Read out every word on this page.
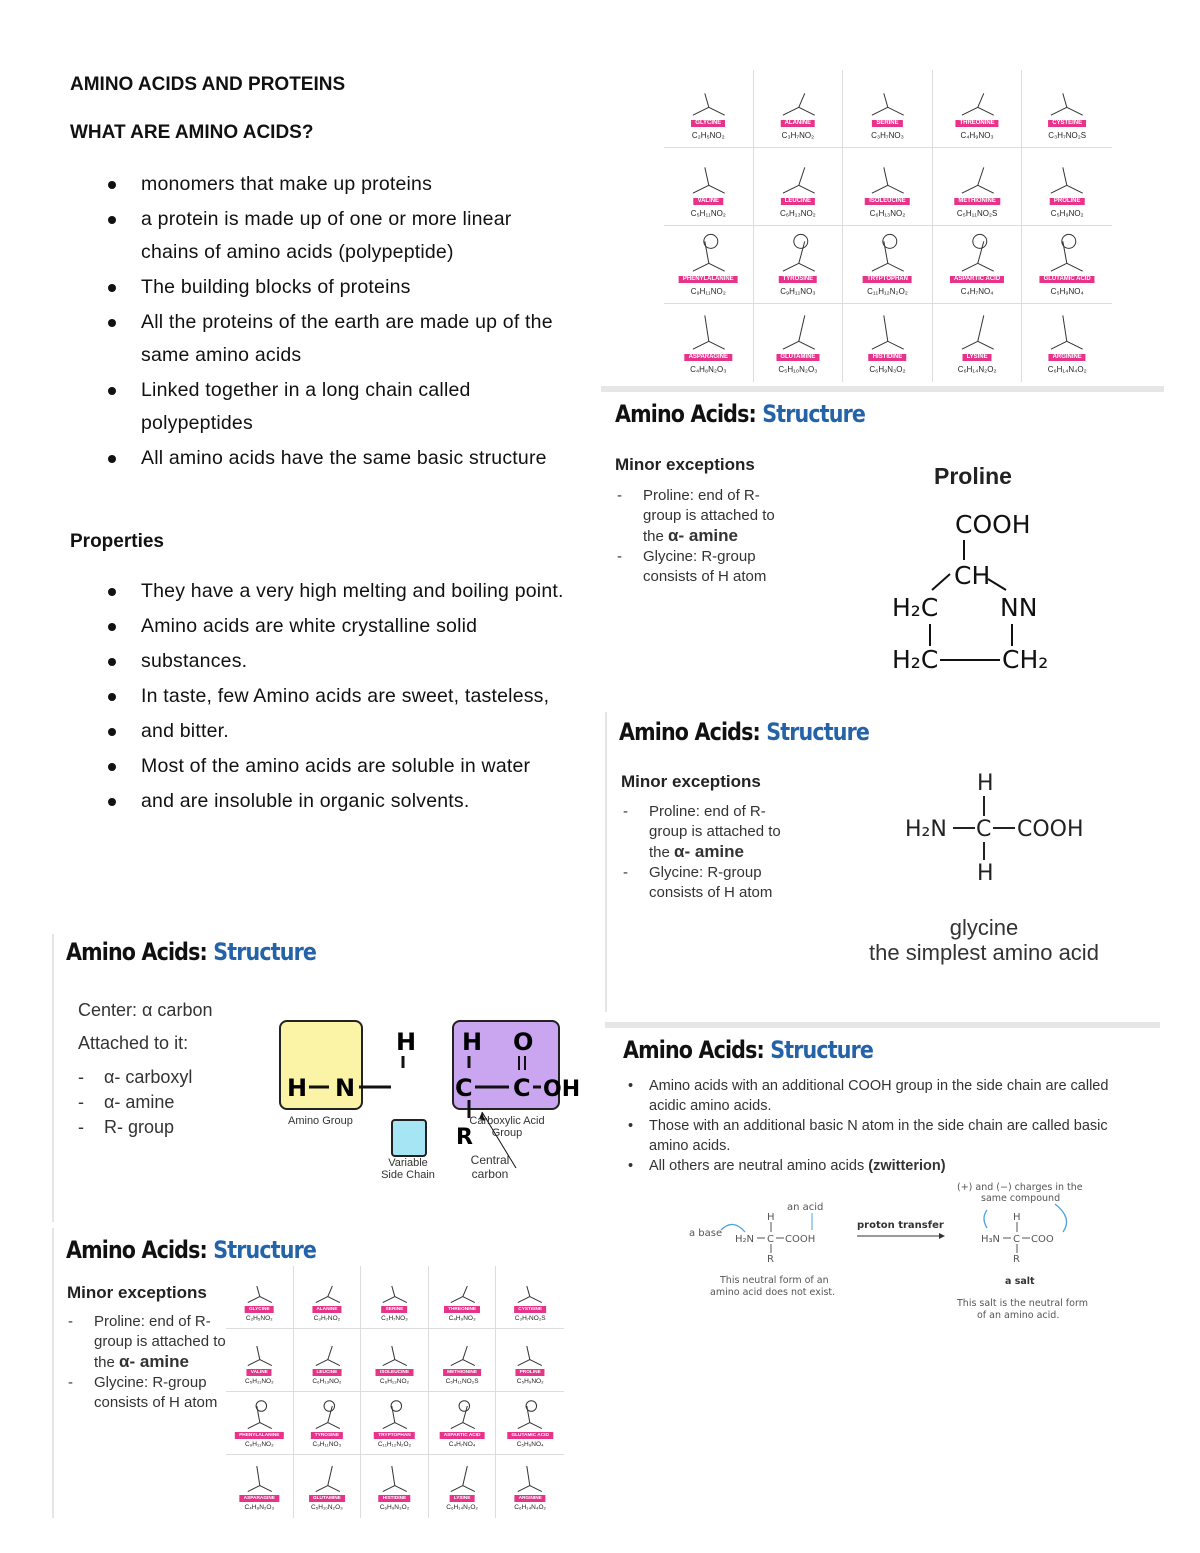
AMINO ACIDS AND PROTEINS
WHAT ARE AMINO ACIDS?
monomers that make up proteins
a protein is made up of one or more linear chains of amino acids (polypeptide)
The building blocks of proteins
All the proteins of the earth are made up of the same amino acids
Linked together in a long chain called polypeptides
All amino acids have the same basic structure
Properties
They have a very high melting and boiling point.
Amino acids are white crystalline solid
substances.
In taste, few Amino acids are sweet, tasteless,
and bitter.
Most of the amino acids are soluble in water
and are insoluble in organic solvents.
Amino Acids: Structure
Center: α carbon
Attached to it:
- α- carboxyl
- α- amine
- R- group
H
H N
H
C
O
C OH
R
Amino Group	Carboxylic Acid Group
Variable Side Chain
Central carbon
Amino Acids: Structure
Minor exceptions
- Proline: end of R- group is attached to the α- amine
- Glycine: R-group consists of H atom
GLYCINE
C₂H₅NO₂
ALANINE
C₃H₇NO₂
SERINE
C₃H₇NO₃
THREONINE
C₄H₉NO₃
CYSTEINE
C₃H₇NO₂S
VALINE
C₅H₁₁NO₂
LEUCINE
C₆H₁₃NO₂
ISOLEUCINE
C₆H₁₃NO₂
METHIONINE
C₅H₁₁NO₂S
PROLINE
C₅H₉NO₂
PHENYLALANINE
C₉H₁₁NO₂
TYROSINE
C₉H₁₁NO₃
TRYPTOPHAN
C₁₁H₁₂N₂O₂
ASPARTIC ACID
C₄H₇NO₄
GLUTAMIC ACID
C₅H₉NO₄
ASPARAGINE
C₄H₈N₂O₃
GLUTAMINE
C₅H₁₀N₂O₃
HISTIDINE
C₆H₉N₃O₂
LYSINE
C₆H₁₄N₂O₂
ARGININE
C₆H₁₄N₄O₂
GLYCINE
C₂H₅NO₂
ALANINE
C₃H₇NO₂
SERINE
C₃H₇NO₃
THREONINE
C₄H₉NO₃
CYSTEINE
C₃H₇NO₂S
VALINE
C₅H₁₁NO₂
LEUCINE
C₆H₁₃NO₂
ISOLEUCINE
C₆H₁₃NO₂
METHIONINE
C₅H₁₁NO₂S
PROLINE
C₅H₉NO₂
PHENYLALANINE
C₉H₁₁NO₂
TYROSINE
C₉H₁₁NO₃
TRYPTOPHAN
C₁₁H₁₂N₂O₂
ASPARTIC ACID
C₄H₇NO₄
GLUTAMIC ACID
C₅H₉NO₄
ASPARAGINE
C₄H₈N₂O₃
GLUTAMINE
C₅H₁₀N₂O₃
HISTIDINE
C₆H₉N₃O₂
LYSINE
C₆H₁₄N₂O₂
ARGININE
C₆H₁₄N₄O₂
Amino Acids: Structure
Minor exceptions
- Proline: end of R- group is attached to the α- amine
- Glycine: R-group consists of H atom
Proline
COOH
CH
H₂C NN
H₂C	CH₂
Amino Acids: Structure
Minor exceptions
- Proline: end of R- group is attached to the α- amine
- Glycine: R-group consists of H atom
H
H₂N C COOH
H
glycine
the simplest amino acid
Amino Acids: Structure
• Amino acids with an additional COOH group in the side chain are called acidic amino acids.
• Those with an additional basic N atom in the side chain are called basic amino acids.
• All others are neutral amino acids (zwitterion)
an acid
a base
H
H₂N C COOH
R
This neutral form of an
amino acid does not exist.
proton transfer
(+) and (−) charges in the
same compound
H
H₃N C COO
R
a salt
This salt is the neutral form
of an amino acid.
